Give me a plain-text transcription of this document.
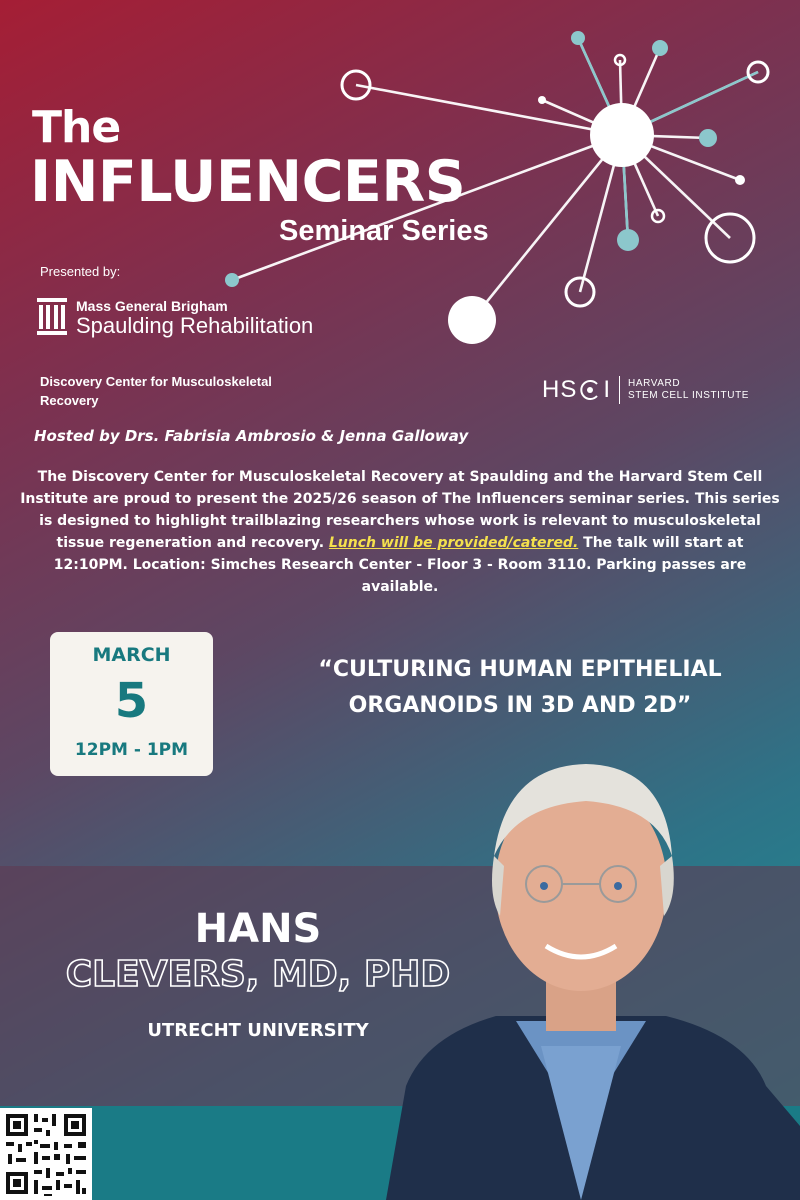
The
INFLUENCERS
Seminar Series
Presented by:
Mass General Brigham
Spaulding Rehabilitation
Discovery Center for Musculoskeletal Recovery	HS I HARVARD
STEM CELL INSTITUTE
Hosted by Drs. Fabrisia Ambrosio & Jenna Galloway
The Discovery Center for Musculoskeletal Recovery at Spaulding and the Harvard Stem Cell Institute are proud to present the 2025/26 season of The Influencers seminar series. This series is designed to highlight trailblazing researchers whose work is relevant to musculoskeletal tissue regeneration and recovery. Lunch will be provided/catered. The talk will start at 12:10PM. Location: Simches Research Center - Floor 3 - Room 3110. Parking passes are available.
MARCH
5
12PM - 1PM
“CULTURING HUMAN EPITHELIAL ORGANOIDS IN 3D AND 2D”
HANS
CLEVERS, MD, PHD
UTRECHT UNIVERSITY
